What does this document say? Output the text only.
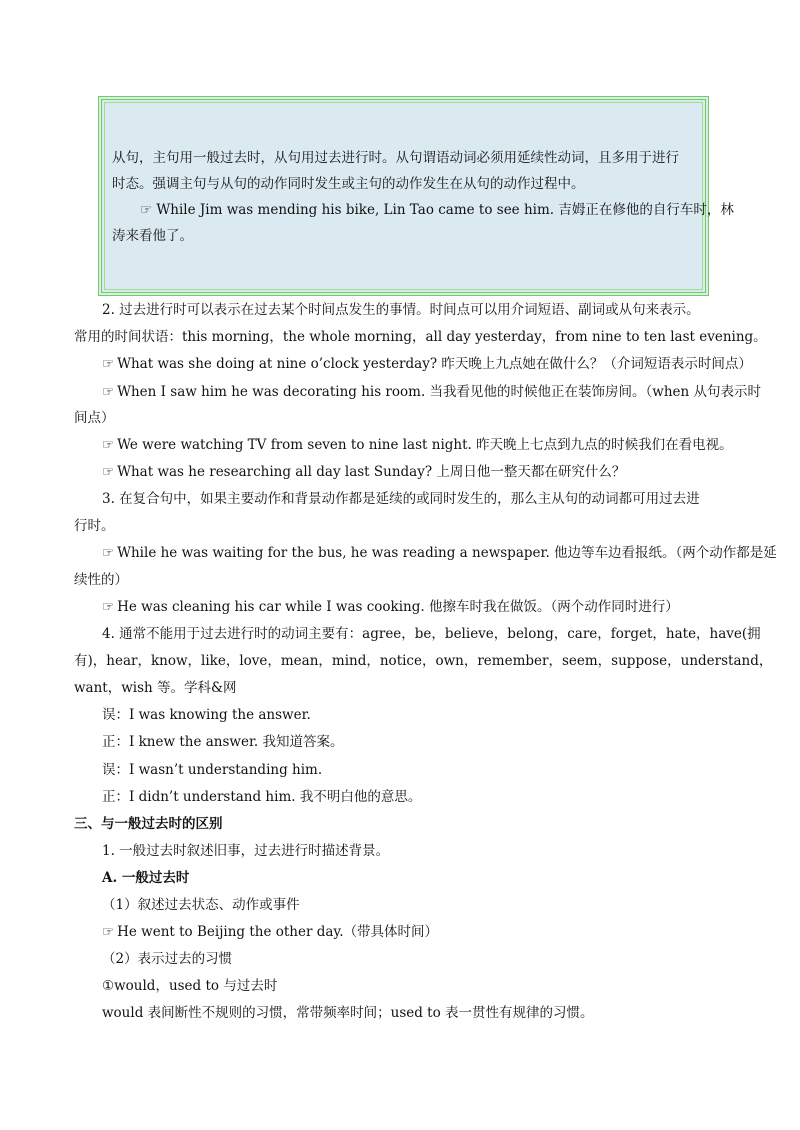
从句，主句用一般过去时，从句用过去进行时。从句谓语动词必须用延续性动词，且多用于进行
时态。强调主句与从句的动作同时发生或主句的动作发生在从句的动作过程中。
☞ While Jim was mending his bike, Lin Tao came to see him. 吉姆正在修他的自行车时，林
涛来看他了。
2. 过去进行时可以表示在过去某个时间点发生的事情。时间点可以用介词短语、副词或从句来表示。
常用的时间状语：this morning，the whole morning，all day yesterday，from nine to ten last evening。
☞ What was she doing at nine o’clock yesterday? 昨天晚上九点她在做什么？（介词短语表示时间点）
☞ When I saw him he was decorating his room. 当我看见他的时候他正在装饰房间。（when 从句表示时
间点）
☞ We were watching TV from seven to nine last night. 昨天晚上七点到九点的时候我们在看电视。
☞ What was he researching all day last Sunday? 上周日他一整天都在研究什么？
3. 在复合句中，如果主要动作和背景动作都是延续的或同时发生的，那么主从句的动词都可用过去进
行时。
☞ While he was waiting for the bus, he was reading a newspaper. 他边等车边看报纸。（两个动作都是延
续性的）
☞ He was cleaning his car while I was cooking. 他擦车时我在做饭。（两个动作同时进行）
4. 通常不能用于过去进行时的动词主要有：agree，be，believe，belong，care，forget，hate，have(拥
有)，hear，know，like，love，mean，mind，notice，own，remember，seem，suppose，understand，
want，wish 等。学科&网
误：I was knowing the answer.
正：I knew the answer. 我知道答案。
误：I wasn’t understanding him.
正：I didn’t understand him. 我不明白他的意思。
三、与一般过去时的区别
1. 一般过去时叙述旧事，过去进行时描述背景。
A. 一般过去时
（1）叙述过去状态、动作或事件
☞ He went to Beijing the other day.（带具体时间）
（2）表示过去的习惯
①would，used to 与过去时
would 表间断性不规则的习惯，常带频率时间；used to 表一贯性有规律的习惯。
